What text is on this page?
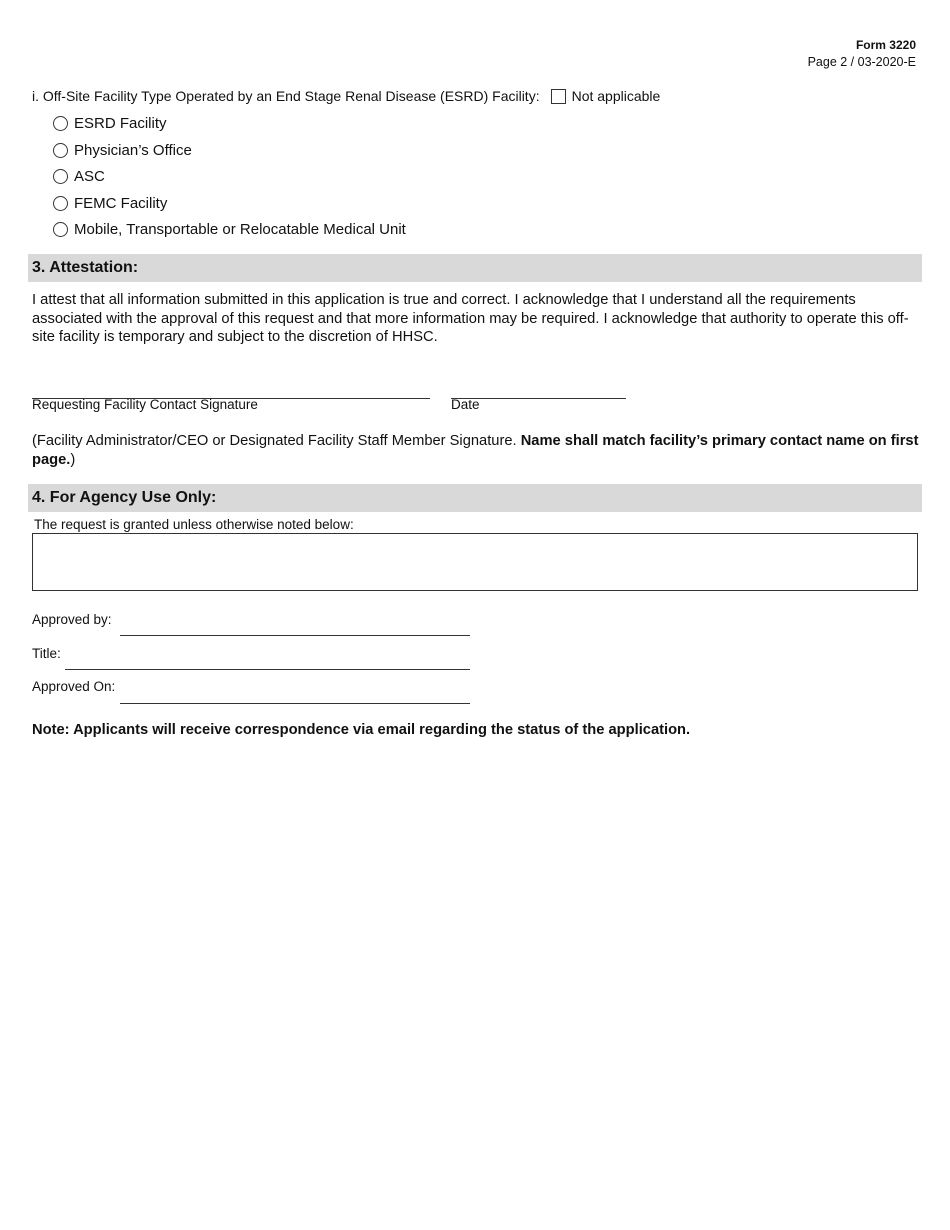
Form 3220
Page 2 / 03-2020-E
i. Off-Site Facility Type Operated by an End Stage Renal Disease (ESRD) Facility: Not applicable
ESRD Facility
Physician’s Office
ASC
FEMC Facility
Mobile, Transportable or Relocatable Medical Unit
3. Attestation:
I attest that all information submitted in this application is true and correct. I acknowledge that I understand all the requirements associated with the approval of this request and that more information may be required. I acknowledge that authority to operate this off-site facility is temporary and subject to the discretion of HHSC.
Requesting Facility Contact Signature	Date
(Facility Administrator/CEO or Designated Facility Staff Member Signature. Name shall match facility’s primary contact name on first page.)
4. For Agency Use Only:
The request is granted unless otherwise noted below:
Approved by:
Title:
Approved On:
Note: Applicants will receive correspondence via email regarding the status of the application.
